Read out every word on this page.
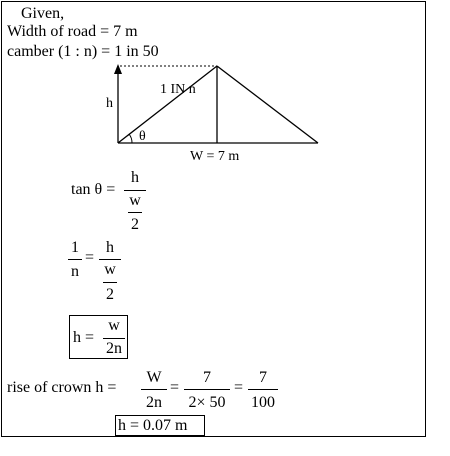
Given,
Width of road = 7 m
camber (1 : n) = 1 in 50
h
1 IN n
θ
W = 7 m
tan θ =
h
w
2
1
n
=
h
w
2
h =
w
2n
rise of crown h =
W
2n
=
7
2× 50
=
7
100
h = 0.07 m
